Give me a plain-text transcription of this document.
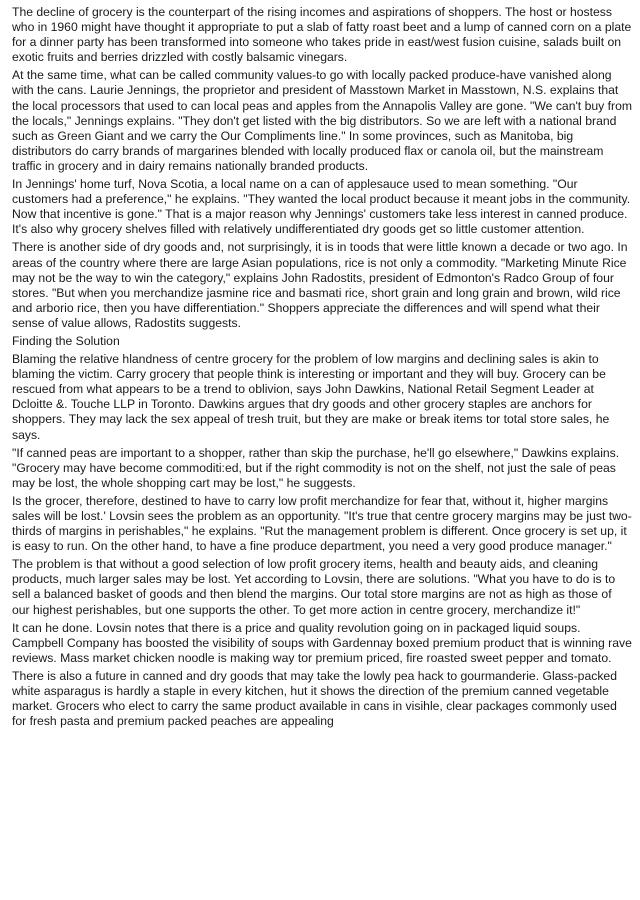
The decline of grocery is the counterpart of the rising incomes and aspirations of shoppers. The host or hostess who in 1960 might have thought it appropriate to put a slab of fatty roast beet and a lump of canned corn on a plate for a dinner party has been transformed into someone who takes pride in east/west fusion cuisine, salads built on exotic fruits and berries drizzled with costly balsamic vinegars.

At the same time, what can be called community values-to go with locally packed produce-have vanished along with the cans. Laurie Jennings, the proprietor and president of Masstown Market in Masstown, N.S. explains that the local processors that used to can local peas and apples from the Annapolis Valley are gone. "We can't buy from the locals," Jennings explains. "They don't get listed with the big distributors. So we are left with a national brand such as Green Giant and we carry the Our Compliments line." In some provinces, such as Manitoba, big distributors do carry brands of margarines blended with locally produced flax or canola oil, but the mainstream traffic in grocery and in dairy remains nationally branded products.

In Jennings' home turf, Nova Scotia, a local name on a can of applesauce used to mean something. "Our customers had a preference," he explains. "They wanted the local product because it meant jobs in the community. Now that incentive is gone." That is a major reason why Jennings' customers take less interest in canned produce. It's also why grocery shelves filled with relatively undifferentiated dry goods get so little customer attention.

There is another side of dry goods and, not surprisingly, it is in toods that were little known a decade or two ago. In areas of the country where there are large Asian populations, rice is not only a commodity. "Marketing Minute Rice may not be the way to win the category," explains John Radostits, president of Edmonton's Radco Group of four stores. "But when you merchandize jasmine rice and basmati rice, short grain and long grain and brown, wild rice and arborio rice, then you have differentiation." Shoppers appreciate the differences and will spend what their sense of value allows, Radostits suggests.

Finding the Solution

Blaming the relative hlandness of centre grocery for the problem of low margins and declining sales is akin to blaming the victim. Carry grocery that people think is interesting or important and they will buy. Grocery can be rescued from what appears to be a trend to oblivion, says John Dawkins, National Retail Segment Leader at Dcloitte &. Touche LLP in Toronto. Dawkins argues that dry goods and other grocery staples are anchors for shoppers. They may lack the sex appeal of tresh truit, but they are make or break items tor total store sales, he says.

"If canned peas are important to a shopper, rather than skip the purchase, he'll go elsewhere," Dawkins explains. "Grocery may have become commoditi:ed, but if the right commodity is not on the shelf, not just the sale of peas may be lost, the whole shopping cart may be lost," he suggests.

Is the grocer, therefore, destined to have to carry low profit merchandize for fear that, without it, higher margins sales will be lost.' Lovsin sees the problem as an opportunity. "It's true that centre grocery margins may be just two-thirds of margins in perishables," he explains. "Rut the management problem is different. Once grocery is set up, it is easy to run. On the other hand, to have a fine produce department, you need a very good produce manager."

The problem is that without a good selection of low profit grocery items, health and beauty aids, and cleaning products, much larger sales may be lost. Yet according to Lovsin, there are solutions. "What you have to do is to sell a balanced basket of goods and then blend the margins. Our total store margins are not as high as those of our highest perishables, but one supports the other. To get more action in centre grocery, merchandize it!"

It can he done. Lovsin notes that there is a price and quality revolution going on in packaged liquid soups. Campbell Company has boosted the visibility of soups with Gardennay boxed premium product that is winning rave reviews. Mass market chicken noodle is making way tor premium priced, fire roasted sweet pepper and tomato.

There is also a future in canned and dry goods that may take the lowly pea hack to gourmanderie. Glass-packed white asparagus is hardly a staple in every kitchen, hut it shows the direction of the premium canned vegetable market. Grocers who elect to carry the same product available in cans in visihle, clear packages commonly used for fresh pasta and premium packed peaches are appealing
